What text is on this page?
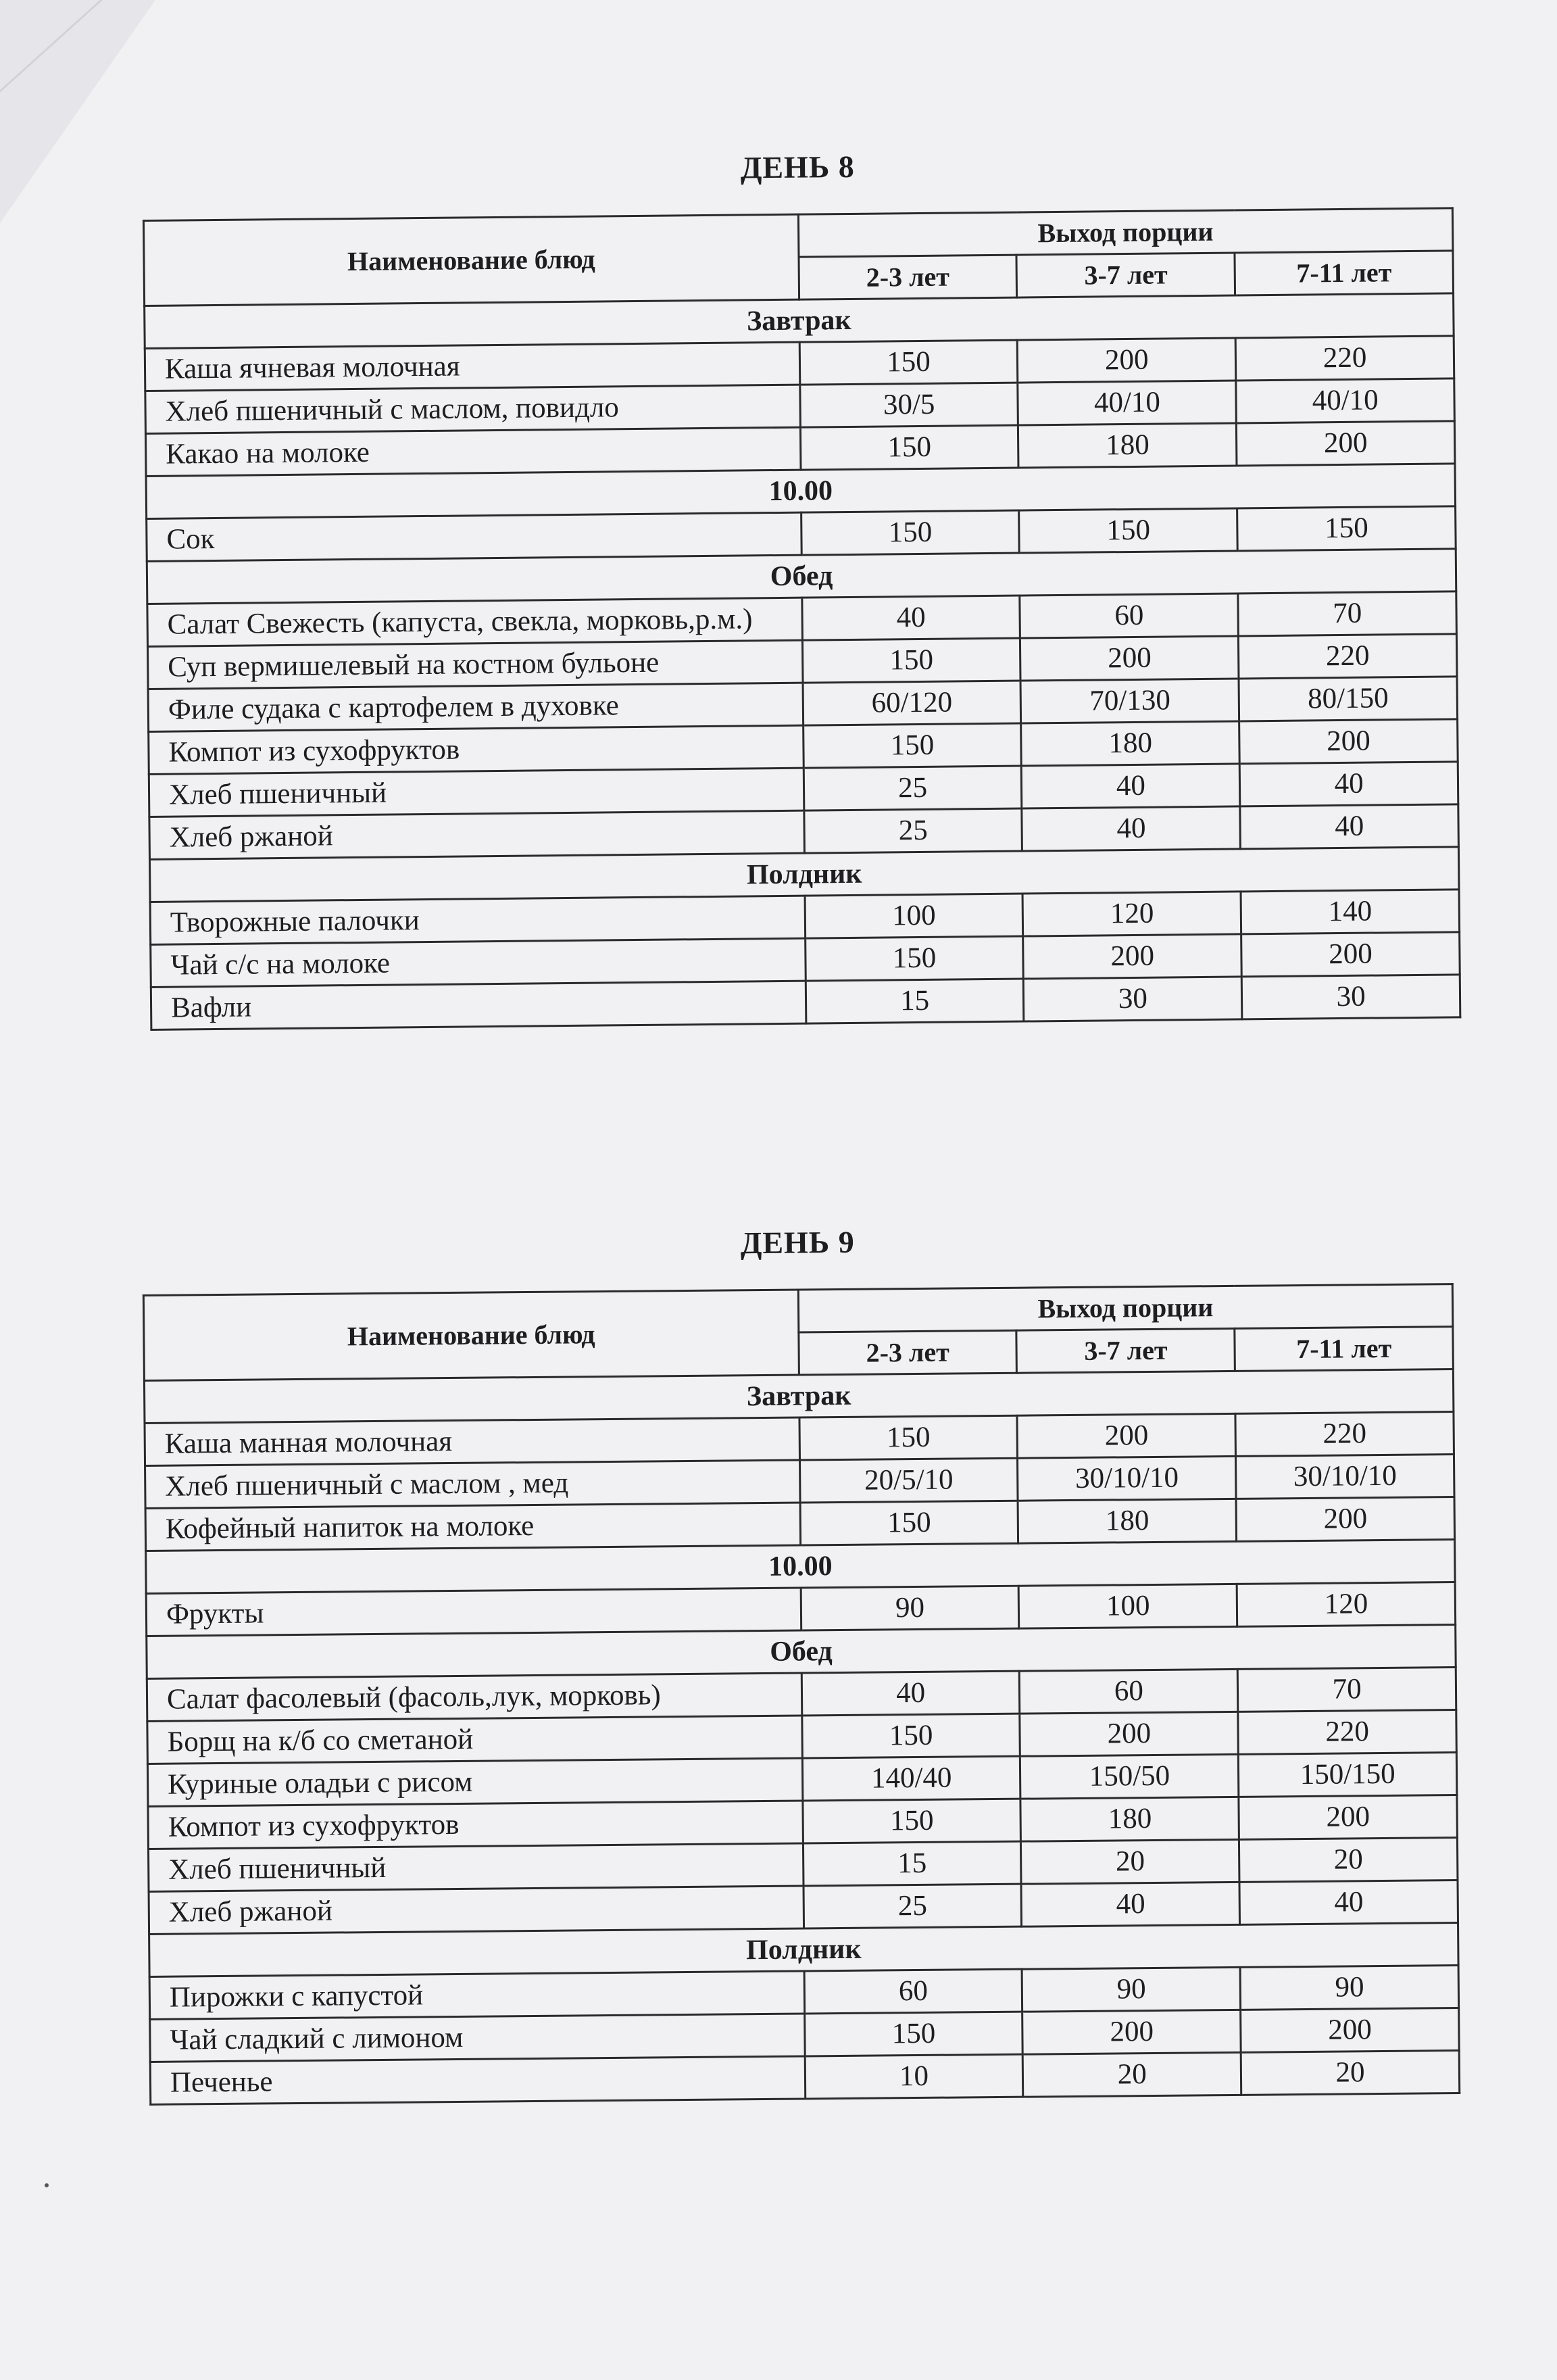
ДЕНЬ 8
Наименование блюд	Выход порции		
	2-3 лет	3-7 лет	7-11 лет
Завтрак			
Каша ячневая молочная	150	200	220
Хлеб пшеничный с маслом, повидло	30/5	40/10	40/10
Какао на молоке	150	180	200
10.00			
Сок	150	150	150
Обед			
Салат Свежесть (капуста, свекла, морковь,р.м.)	40	60	70
Суп вермишелевый на костном бульоне	150	200	220
Филе судака с картофелем в духовке	60/120	70/130	80/150
Компот из сухофруктов	150	180	200
Хлеб пшеничный	25	40	40
Хлеб ржаной	25	40	40
Полдник			
Творожные палочки	100	120	140
Чай с/с на молоке	150	200	200
Вафли	15	30	30
ДЕНЬ 9
Наименование блюд	Выход порции		
	2-3 лет	3-7 лет	7-11 лет
Завтрак			
Каша манная молочная	150	200	220
Хлеб пшеничный с маслом , мед	20/5/10	30/10/10	30/10/10
Кофейный напиток на молоке	150	180	200
10.00			
Фрукты	90	100	120
Обед			
Салат фасолевый (фасоль,лук, морковь)	40	60	70
Борщ на к/б со сметаной	150	200	220
Куриные оладьи с рисом	140/40	150/50	150/150
Компот из сухофруктов	150	180	200
Хлеб пшеничный	15	20	20
Хлеб ржаной	25	40	40
Полдник			
Пирожки с капустой	60	90	90
Чай сладкий с лимоном	150	200	200
Печенье	10	20	20
